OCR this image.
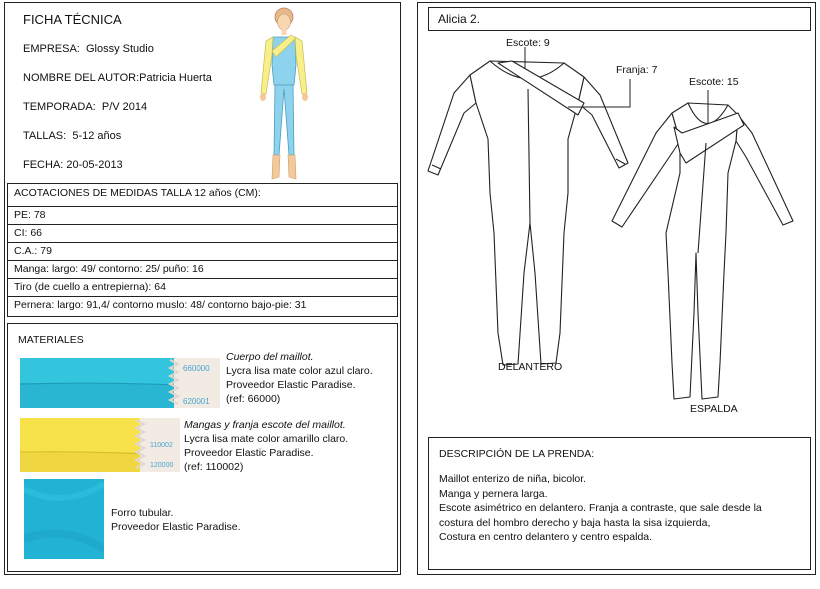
FICHA TÉCNICA
EMPRESA: Glossy Studio
NOMBRE DEL AUTOR:Patricia Huerta
TEMPORADA: P/V 2014
TALLAS: 5-12 años
FECHA: 20-05-2013
ACOTACIONES DE MEDIDAS TALLA 12 años (CM):
PE: 78
CI: 66
C.A.: 79
Manga: largo: 49/ contorno: 25/ puño: 16
Tiro (de cuello a entrepierna): 64
Pernera: largo: 91,4/ contorno muslo: 48/ contorno bajo-pie: 31
MATERIALES
660000
620001
Cuerpo del maillot.
Lycra lisa mate color azul claro.
Proveedor Elastic Paradise.
(ref: 66000)
110002
120000
Mangas y franja escote del maillot.
Lycra lisa mate color amarillo claro.
Proveedor Elastic Paradise.
(ref: 110002)
Forro tubular.
Proveedor Elastic Paradise.
Alicia 2.
Escote: 9
Franja: 7
Escote: 15
DELANTERO
ESPALDA
DESCRIPCIÓN DE LA PRENDA:
Maillot enterizo de niña, bicolor.
Manga y pernera larga.
Escote asimétrico en delantero. Franja a contraste, que sale desde la
costura del hombro derecho y baja hasta la sisa izquierda,
Costura en centro delantero y centro espalda.
